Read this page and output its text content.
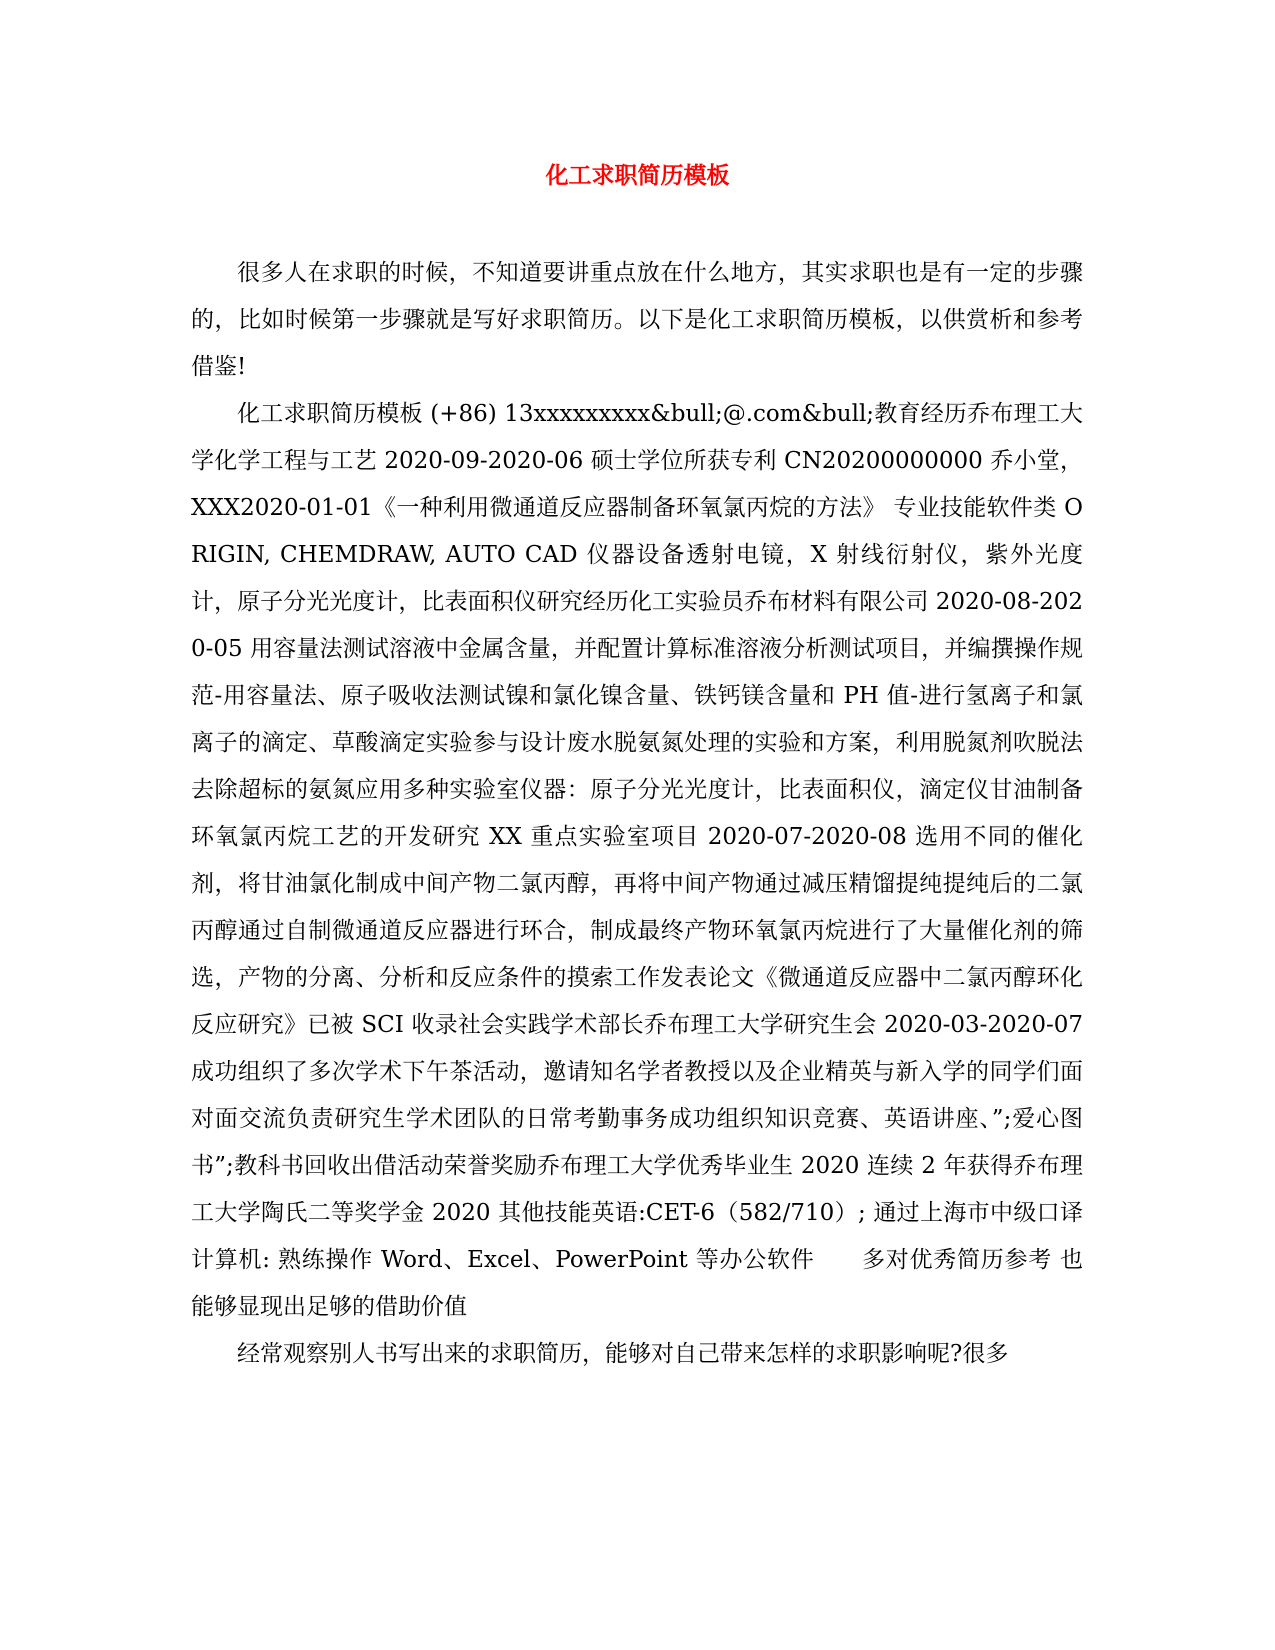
化工求职简历模板

很多人在求职的时候，不知道要讲重点放在什么地方，其实求职也是有一定的步骤的，比如时候第一步骤就是写好求职简历。以下是化工求职简历模板，以供赏析和参考借鉴!

化工求职简历模板 (+86) 13xxxxxxxxx&bull;@.com&bull;教育经历乔布理工大学化学工程与工艺 2020-09-2020-06 硕士学位所获专利 CN20200000000 乔小堂，XXX2020-01-01《一种利用微通道反应器制备环氧氯丙烷的方法》 专业技能软件类 ORIGIN, CHEMDRAW, AUTO CAD 仪器设备透射电镜，X 射线衍射仪，紫外光度计，原子分光光度计，比表面积仪研究经历化工实验员乔布材料有限公司 2020-08-2020-05 用容量法测试溶液中金属含量，并配置计算标准溶液分析测试项目，并编撰操作规范-用容量法、原子吸收法测试镍和氯化镍含量、铁钙镁含量和 PH 值-进行氢离子和氯离子的滴定、草酸滴定实验参与设计废水脱氨氮处理的实验和方案，利用脱氮剂吹脱法去除超标的氨氮应用多种实验室仪器：原子分光光度计，比表面积仪，滴定仪甘油制备环氧氯丙烷工艺的开发研究 XX 重点实验室项目 2020-07-2020-08 选用不同的催化剂，将甘油氯化制成中间产物二氯丙醇，再将中间产物通过减压精馏提纯提纯后的二氯丙醇通过自制微通道反应器进行环合，制成最终产物环氧氯丙烷进行了大量催化剂的筛选，产物的分离、分析和反应条件的摸索工作发表论文《微通道反应器中二氯丙醇环化反应研究》已被 SCI 收录社会实践学术部长乔布理工大学研究生会 2020-03-2020-07 成功组织了多次学术下午茶活动，邀请知名学者教授以及企业精英与新入学的同学们面对面交流负责研究生学术团队的日常考勤事务成功组织知识竞赛、英语讲座、”;爱心图书”;教科书回收出借活动荣誉奖励乔布理工大学优秀毕业生 2020 连续 2 年获得乔布理工大学陶氏二等奖学金 2020 其他技能英语:CET-6（582/710）; 通过上海市中级口译计算机: 熟练操作 Word、Excel、PowerPoint 等办公软件　　多对优秀简历参考 也能够显现出足够的借助价值

经常观察别人书写出来的求职简历，能够对自己带来怎样的求职影响呢?很多
